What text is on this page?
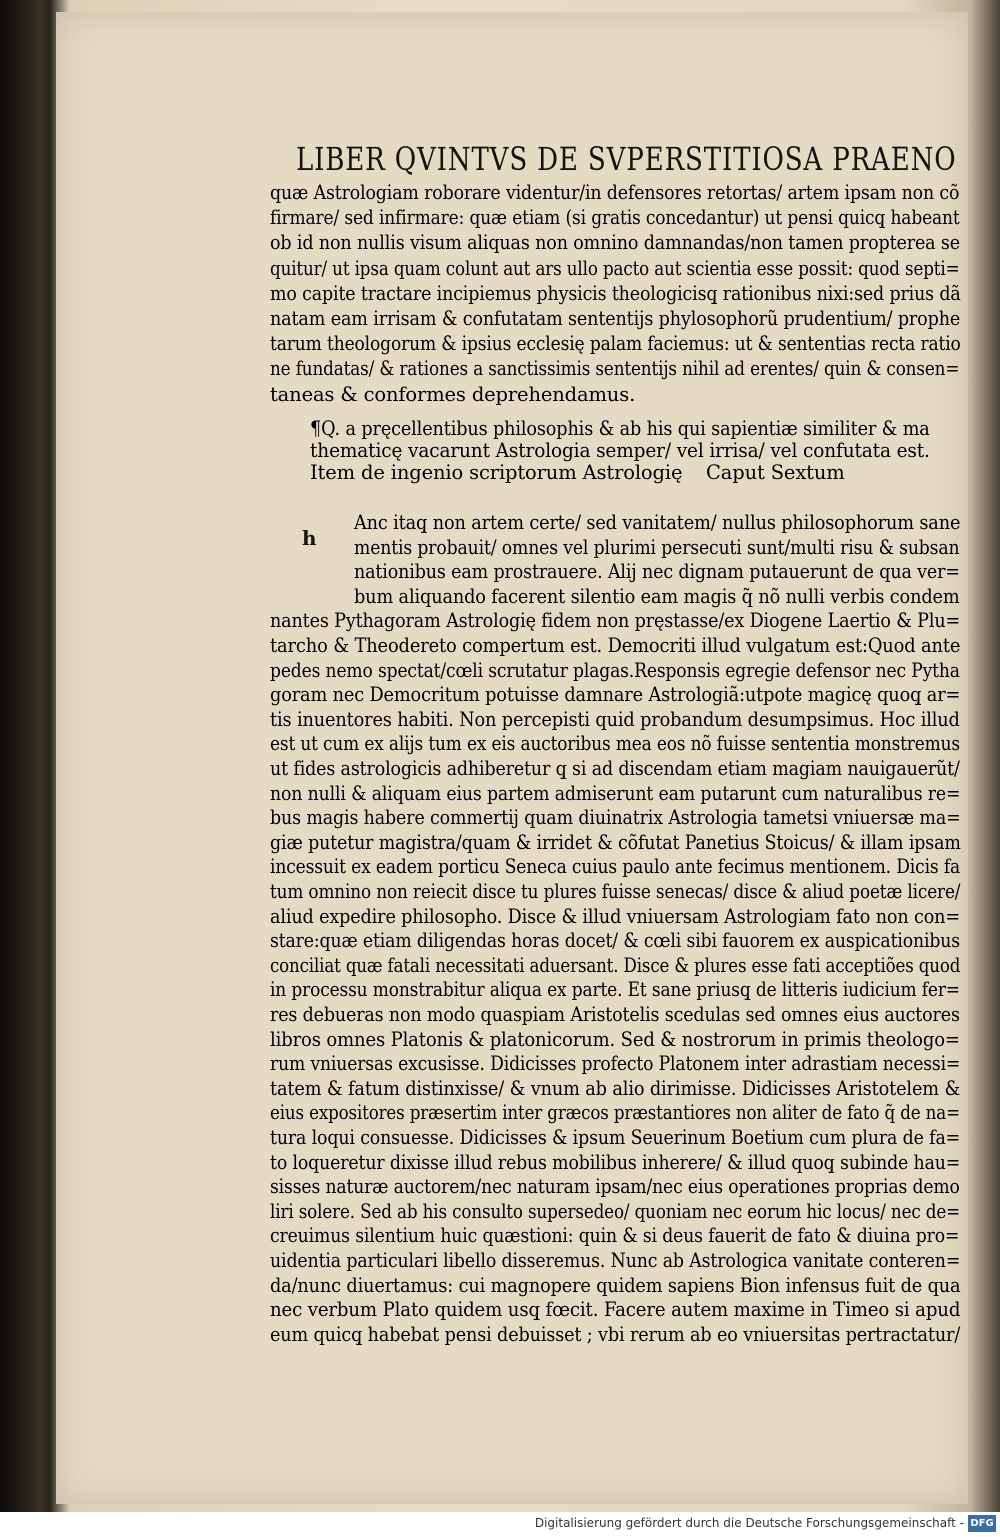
LIBER QVINTVS DE SVPERSTITIOSA PRAENO
quæ Astrologiam roborare videntur/in defensores retortas/ artem ipsam non cõ
firmare/ sed infirmare: quæ etiam (si gratis concedantur) ut pensi quicq̧ habeant
ob id non nullis visum aliquas non omnino damnandas/non tamen propterea se
quitur/ ut ipsa quam colunt aut ars ullo pacto aut scientia esse possit: quod septi=
mo capite tractare incipiemus physicis theologicisq̧ rationibus nixi:sed prius dã
natam eam irrisam & confutatam sententijs phylosophorũ prudentium/ prophe
tarum theologorum & ipsius ecclesię palam faciemus: ut & sententias recta ratio
ne fundatas/ & rationes a sanctissimis sententijs nihil ad erentes/ quin & consen=
taneas & conformes deprehendamus.
¶Q. a pręcellentibus philosophis & ab his qui sapientiæ similiter & ma
thematicę vacarunt Astrologia semper/ vel irrisa/ vel confutata est.
Item de ingenio scriptorum Astrologię Caput Sextum
h
Anc itaq̧ non artem certe/ sed vanitatem/ nullus philosophorum sane
mentis probauit/ omnes vel plurimi persecuti sunt/multi risu & subsan
nationibus eam prostrauere. Alij nec dignam putauerunt de qua ver=
bum aliquando facerent silentio eam magis q̃ nõ nulli verbis condem
nantes Pythagoram Astrologię fidem non pręstasse/ex Diogene Laertio & Plu=
tarcho & Theodereto compertum est. Democriti illud vulgatum est:Quod ante
pedes nemo spectat/cœli scrutatur plagas.Responsis egregie defensor nec Pytha
goram nec Democritum potuisse damnare Astrologiã:utpote magicę quoq̧ ar=
tis inuentores habiti. Non percepisti quid probandum desumpsimus. Hoc illud
est ut cum ex alijs tum ex eis auctoribus mea eos nõ fuisse sententia monstremus
ut fides astrologicis adhiberetur q̧ si ad discendam etiam magiam nauigauerũt/
non nulli & aliquam eius partem admiserunt eam putarunt cum naturalibus re=
bus magis habere commertij quam diuinatrix Astrologia tametsi vniuersæ ma=
giæ putetur magistra/quam & irridet & cõfutat Panetius Stoicus/ & illam ipsam
incessuit ex eadem porticu Seneca cuius paulo ante fecimus mentionem. Dicis fa
tum omnino non reiecit disce tu plures fuisse senecas/ disce & aliud poetæ licere/
aliud expedire philosopho. Disce & illud vniuersam Astrologiam fato non con=
stare:quæ etiam diligendas horas docet/ & cœli sibi fauorem ex auspicationibus
conciliat quæ fatali necessitati aduersant. Disce & plures esse fati acceptiões quod
in processu monstrabitur aliqua ex parte. Et sane priusq̧ de litteris iudicium fer=
res debueras non modo quaspiam Aristotelis scedulas sed omnes eius auctores
libros omnes Platonis & platonicorum. Sed & nostrorum in primis theologo=
rum vniuersas excusisse. Didicisses profecto Platonem inter adrastiam necessi=
tatem & fatum distinxisse/ & vnum ab alio dirimisse. Didicisses Aristotelem &
eius expositores præsertim inter græcos præstantiores non aliter de fato q̃ de na=
tura loqui consuesse. Didicisses & ipsum Seuerinum Boetium cum plura de fa=
to loqueretur dixisse illud rebus mobilibus inherere/ & illud quoq̧ subinde hau=
sisses naturæ auctorem/nec naturam ipsam/nec eius operationes proprias demo
liri solere. Sed ab his consulto supersedeo/ quoniam nec eorum hic locus/ nec de=
creuimus silentium huic quæstioni: quin & si deus fauerit de fato & diuina pro=
uidentia particulari libello disseremus. Nunc ab Astrologica vanitate conteren=
da/nunc diuertamus: cui magnopere quidem sapiens Bion infensus fuit de qua
nec verbum Plato quidem usq̧ fœcit. Facere autem maxime in Timeo si apud
eum quicq̧ habebat pensi debuisset ; vbi rerum ab eo vniuersitas pertractatur/
Digitalisierung gefördert durch die Deutsche Forschungsgemeinschaft - DFG
